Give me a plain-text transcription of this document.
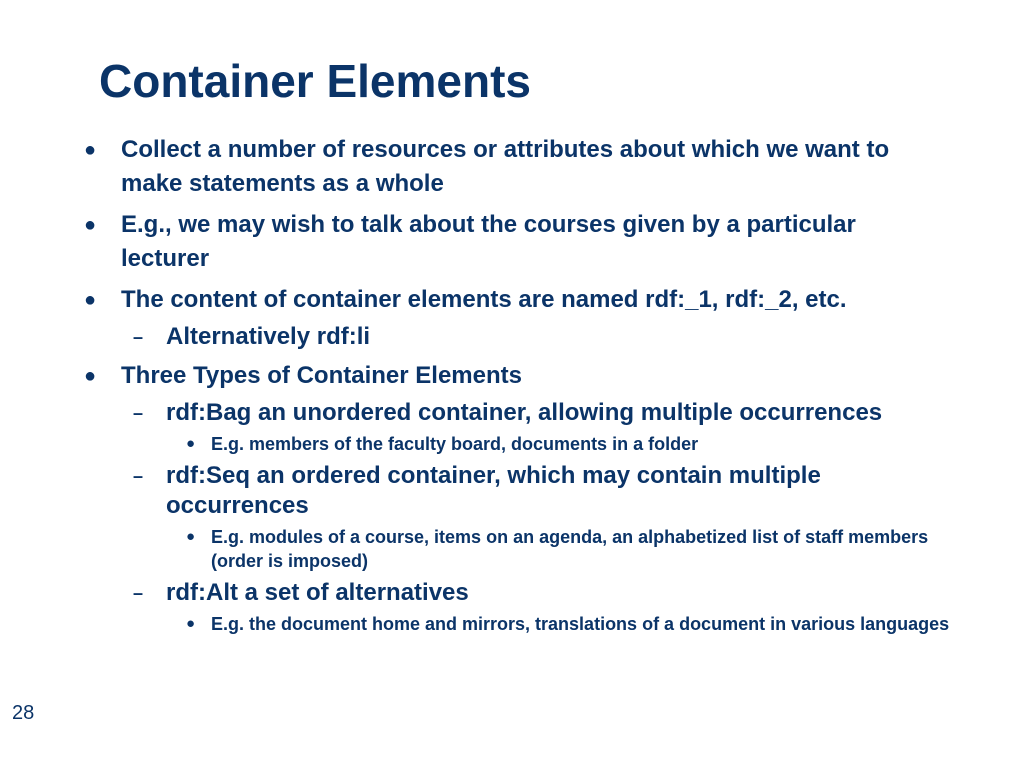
Container Elements
● Collect a number of resources or attributes about which we want to make statements as a whole
● E.g., we may wish to talk about the courses given by a particular lecturer
● The content of container elements are named rdf:_1, rdf:_2, etc.
– Alternatively rdf:li
● Three Types of Container Elements
– rdf:Bag an unordered container, allowing multiple occurrences
● E.g. members of the faculty board, documents in a folder
– rdf:Seq an ordered container, which may contain multiple occurrences
● E.g. modules of a course, items on an agenda, an alphabetized list of staff members (order is imposed)
– rdf:Alt a set of alternatives
● E.g. the document home and mirrors, translations of a document in various languages
28
